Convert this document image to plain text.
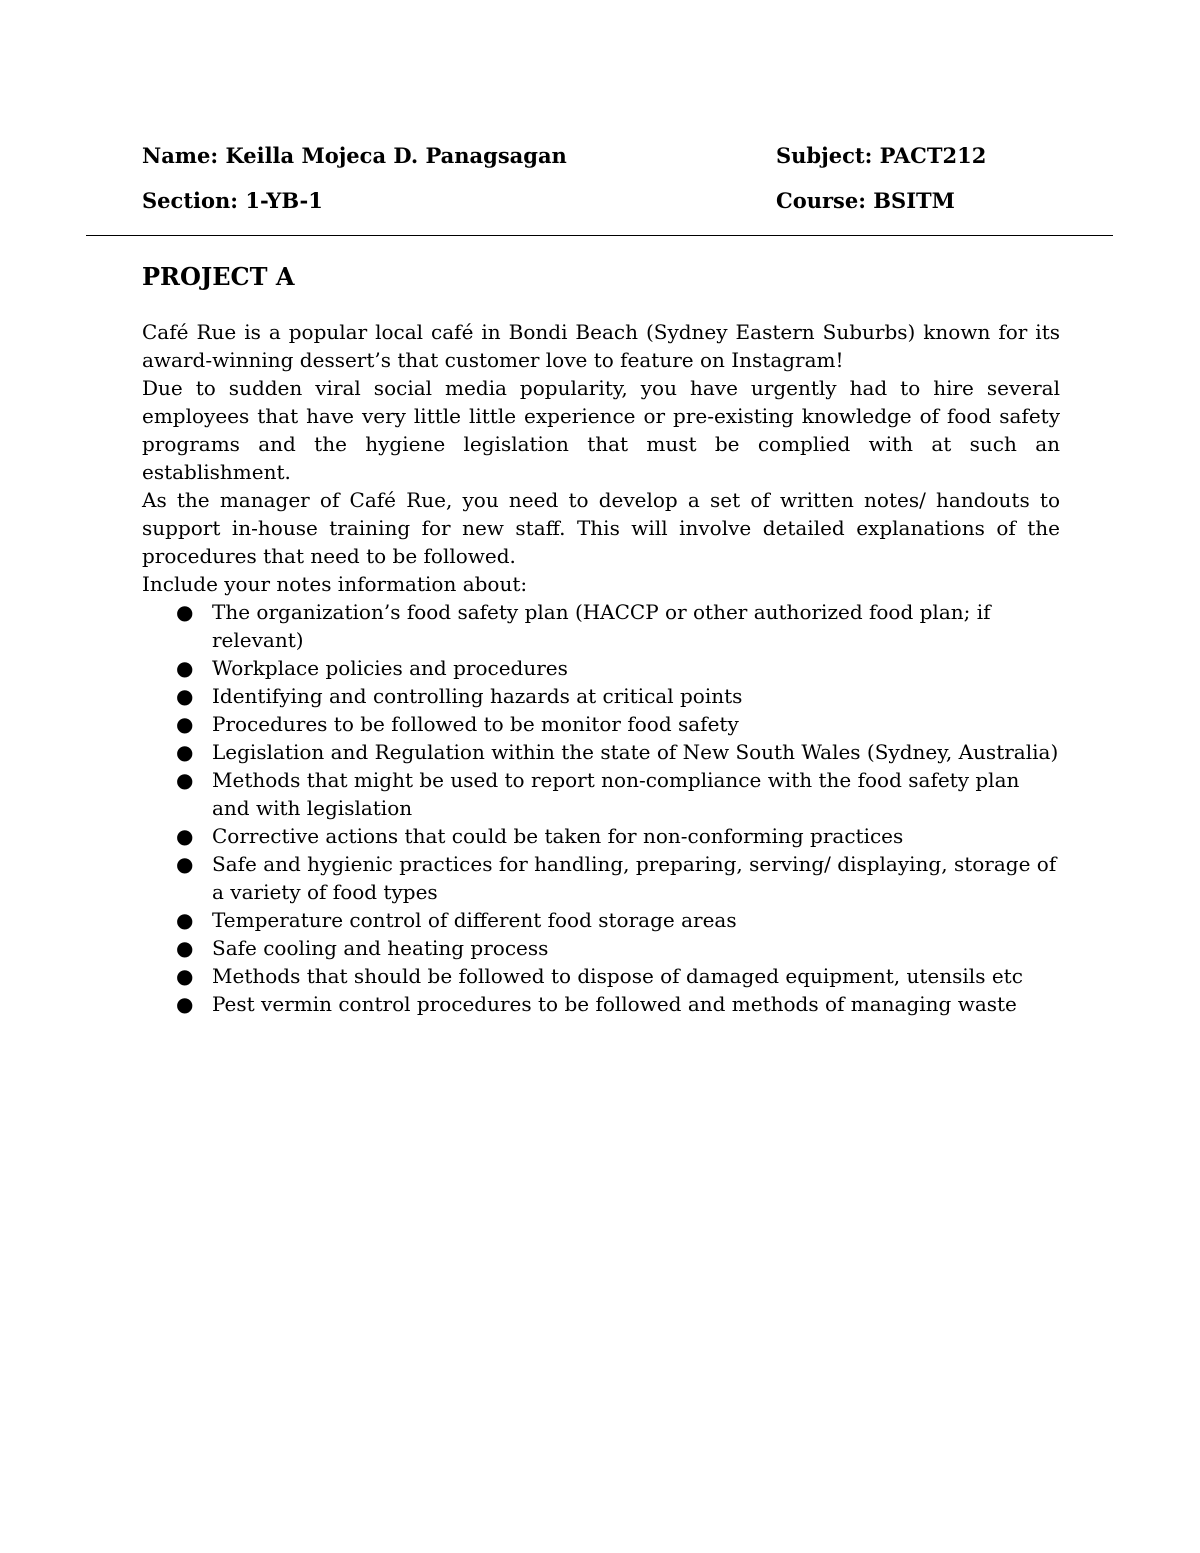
Name: Keilla Mojeca D. Panagsagan	Subject: PACT212
Section: 1-YB-1	Course: BSITM
PROJECT A

Café Rue is a popular local café in Bondi Beach (Sydney Eastern Suburbs) known for its award-winning dessert’s that customer love to feature on Instagram!

Due to sudden viral social media popularity, you have urgently had to hire several employees that have very little little experience or pre-existing knowledge of food safety programs and the hygiene legislation that must be complied with at such an establishment.

As the manager of Café Rue, you need to develop a set of written notes/ handouts to support in-house training for new staff. This will involve detailed explanations of the procedures that need to be followed.

Include your notes information about:

● The organization’s food safety plan (HACCP or other authorized food plan; if relevant)
● Workplace policies and procedures
● Identifying and controlling hazards at critical points
● Procedures to be followed to be monitor food safety
● Legislation and Regulation within the state of New South Wales (Sydney, Australia)
● Methods that might be used to report non-compliance with the food safety plan and with legislation
● Corrective actions that could be taken for non-conforming practices
● Safe and hygienic practices for handling, preparing, serving/ displaying, storage of a variety of food types
● Temperature control of different food storage areas
● Safe cooling and heating process
● Methods that should be followed to dispose of damaged equipment, utensils etc
● Pest vermin control procedures to be followed and methods of managing waste
